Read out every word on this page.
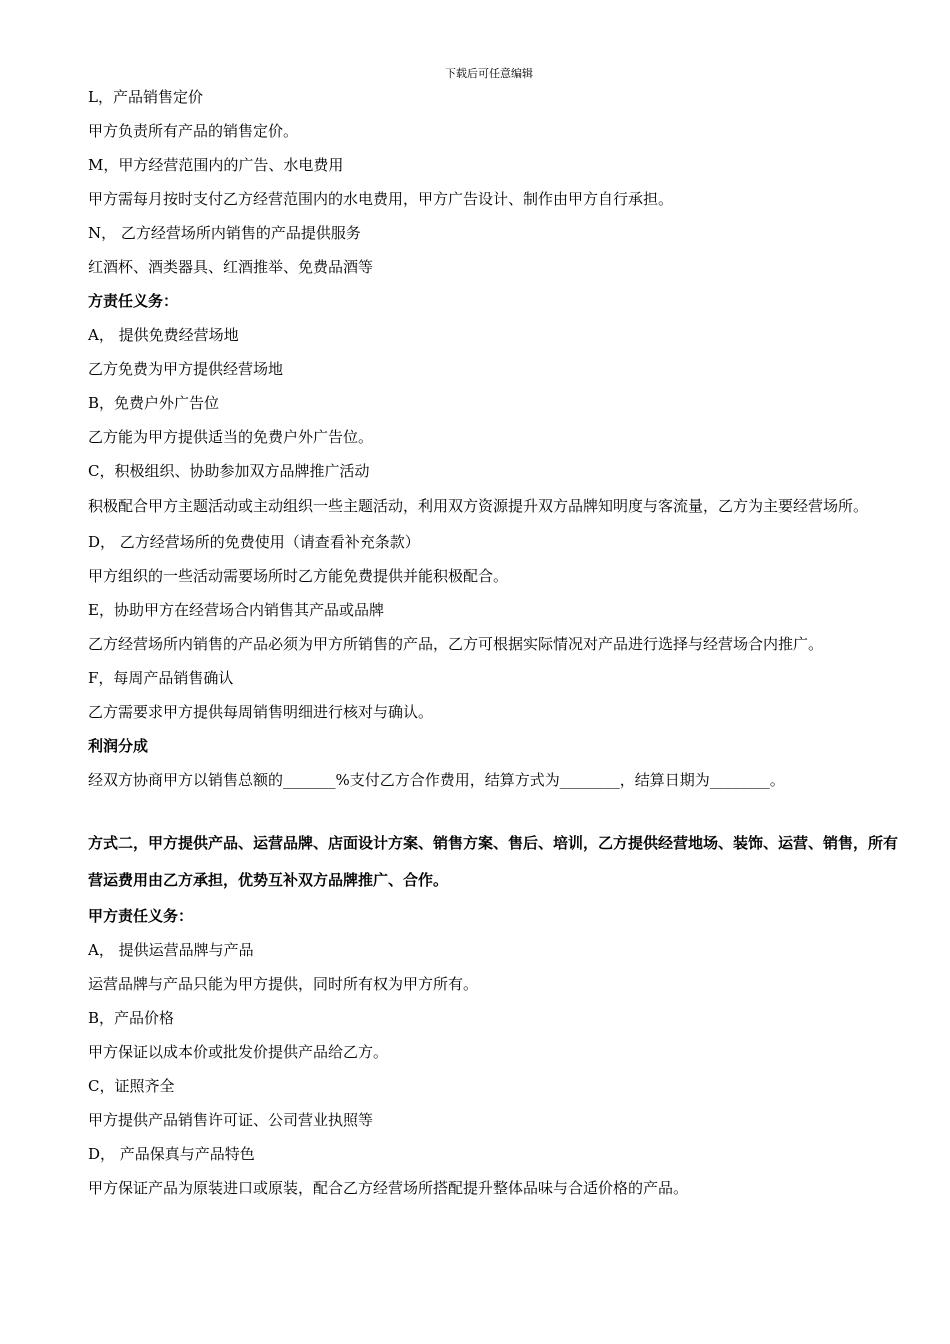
下载后可任意编辑
L，产品销售定价
甲方负责所有产品的销售定价。
M，甲方经营范围内的广告、水电费用
甲方需每月按时支付乙方经营范围内的水电费用，甲方广告设计、制作由甲方自行承担。
N， 乙方经营场所内销售的产品提供服务
红酒杯、酒类器具、红酒推举、免费品酒等
方责任义务：
A， 提供免费经营场地
乙方免费为甲方提供经营场地
B，免费户外广告位
乙方能为甲方提供适当的免费户外广告位。
C，积极组织、协助参加双方品牌推广活动
积极配合甲方主题活动或主动组织一些主题活动，利用双方资源提升双方品牌知明度与客流量，乙方为主要经营场所。
D， 乙方经营场所的免费使用（请查看补充条款）
甲方组织的一些活动需要场所时乙方能免费提供并能积极配合。
E，协助甲方在经营场合内销售其产品或品牌
乙方经营场所内销售的产品必须为甲方所销售的产品，乙方可根据实际情况对产品进行选择与经营场合内推广。
F，每周产品销售确认
乙方需要求甲方提供每周销售明细进行核对与确认。
利润分成
经双方协商甲方以销售总额的_______%支付乙方合作费用，结算方式为________，结算日期为________。
方式二，甲方提供产品、运营品牌、店面设计方案、销售方案、售后、培训，乙方提供经营地场、装饰、运营、销售，所有营运费用由乙方承担，优势互补双方品牌推广、合作。
甲方责任义务：
A， 提供运营品牌与产品
运营品牌与产品只能为甲方提供，同时所有权为甲方所有。
B，产品价格
甲方保证以成本价或批发价提供产品给乙方。
C，证照齐全
甲方提供产品销售许可证、公司营业执照等
D， 产品保真与产品特色
甲方保证产品为原装进口或原装，配合乙方经营场所搭配提升整体品味与合适价格的产品。
